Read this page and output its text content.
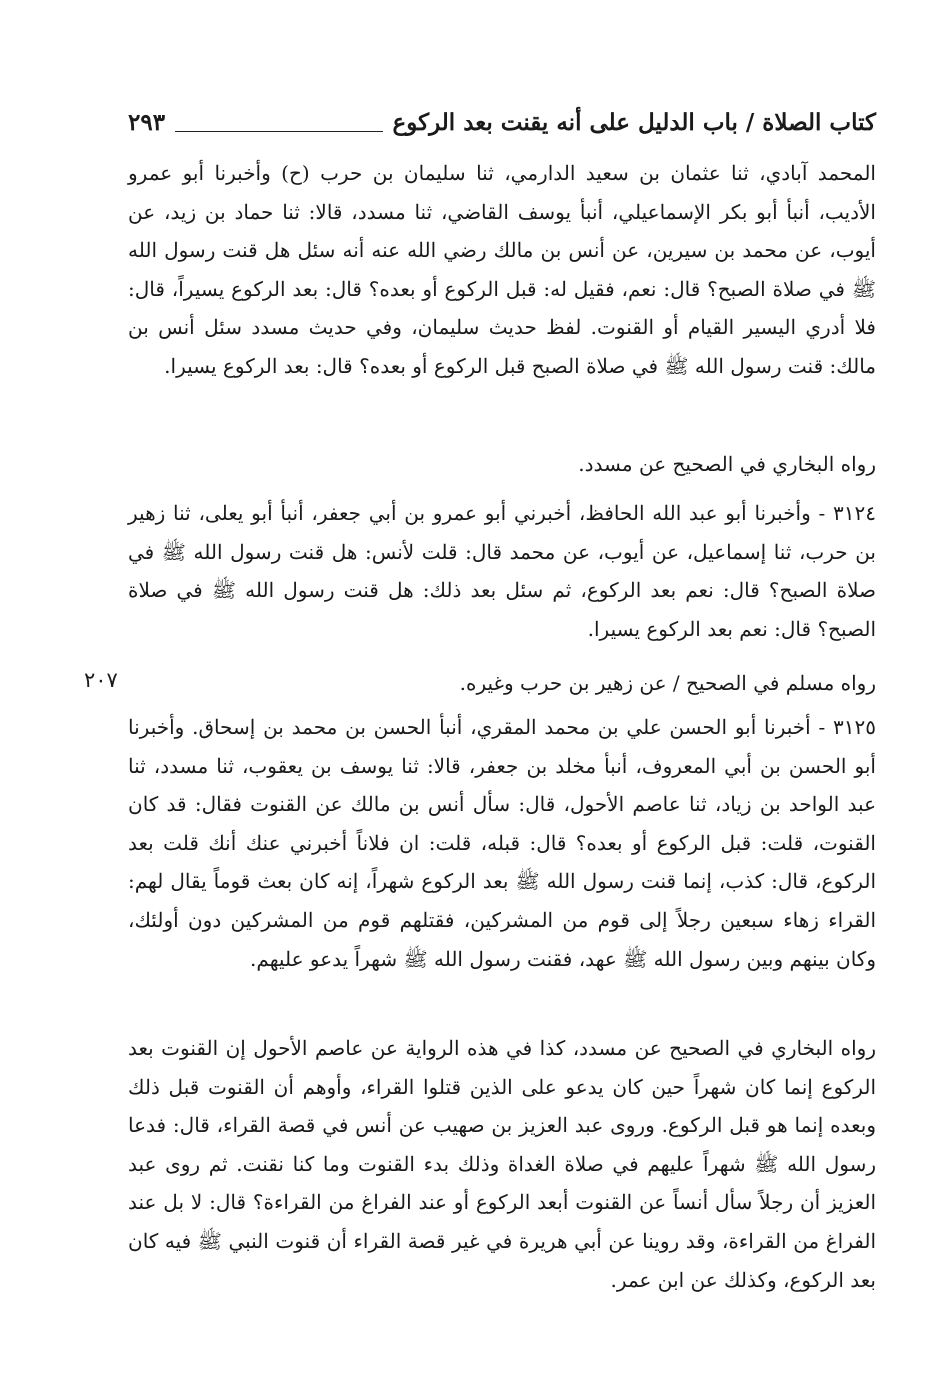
كتاب الصلاة / باب الدليل على أنه يقنت بعد الركوع
٢٩٣
٢٠٧

المحمد آبادي، ثنا عثمان بن سعيد الدارمي، ثنا سليمان بن حرب (ح) وأخبرنا أبو عمرو الأديب، أنبأ أبو بكر الإسماعيلي، أنبأ يوسف القاضي، ثنا مسدد، قالا: ثنا حماد بن زيد، عن أيوب، عن محمد بن سيرين، عن أنس بن مالك رضي الله عنه أنه سئل هل قنت رسول الله ﷺ في صلاة الصبح؟ قال: نعم، فقيل له: قبل الركوع أو بعده؟ قال: بعد الركوع يسيراً، قال: فلا أدري اليسير القيام أو القنوت. لفظ حديث سليمان، وفي حديث مسدد سئل أنس بن مالك: قنت رسول الله ﷺ في صلاة الصبح قبل الركوع أو بعده؟ قال: بعد الركوع يسيرا.

رواه البخاري في الصحيح عن مسدد.

٣١٢٤ - وأخبرنا أبو عبد الله الحافظ، أخبرني أبو عمرو بن أبي جعفر، أنبأ أبو يعلى، ثنا زهير بن حرب، ثنا إسماعيل، عن أيوب، عن محمد قال: قلت لأنس: هل قنت رسول الله ﷺ في صلاة الصبح؟ قال: نعم بعد الركوع، ثم سئل بعد ذلك: هل قنت رسول الله ﷺ في صلاة الصبح؟ قال: نعم بعد الركوع يسيرا.

رواه مسلم في الصحيح / عن زهير بن حرب وغيره.

٣١٢٥ - أخبرنا أبو الحسن علي بن محمد المقري، أنبأ الحسن بن محمد بن إسحاق. وأخبرنا أبو الحسن بن أبي المعروف، أنبأ مخلد بن جعفر، قالا: ثنا يوسف بن يعقوب، ثنا مسدد، ثنا عبد الواحد بن زياد، ثنا عاصم الأحول، قال: سأل أنس بن مالك عن القنوت فقال: قد كان القنوت، قلت: قبل الركوع أو بعده؟ قال: قبله، قلت: ان فلاناً أخبرني عنك أنك قلت بعد الركوع، قال: كذب، إنما قنت رسول الله ﷺ بعد الركوع شهراً، إنه كان بعث قوماً يقال لهم: القراء زهاء سبعين رجلاً إلى قوم من المشركين، فقتلهم قوم من المشركين دون أولئك، وكان بينهم وبين رسول الله ﷺ عهد، فقنت رسول الله ﷺ شهراً يدعو عليهم.

رواه البخاري في الصحيح عن مسدد، كذا في هذه الرواية عن عاصم الأحول إن القنوت بعد الركوع إنما كان شهراً حين كان يدعو على الذين قتلوا القراء، وأوهم أن القنوت قبل ذلك وبعده إنما هو قبل الركوع. وروى عبد العزيز بن صهيب عن أنس في قصة القراء، قال: فدعا رسول الله ﷺ شهراً عليهم في صلاة الغداة وذلك بدء القنوت وما كنا نقنت. ثم روى عبد العزيز أن رجلاً سأل أنساً عن القنوت أبعد الركوع أو عند الفراغ من القراءة؟ قال: لا بل عند الفراغ من القراءة، وقد روينا عن أبي هريرة في غير قصة القراء أن قنوت النبي ﷺ فيه كان بعد الركوع، وكذلك عن ابن عمر.
